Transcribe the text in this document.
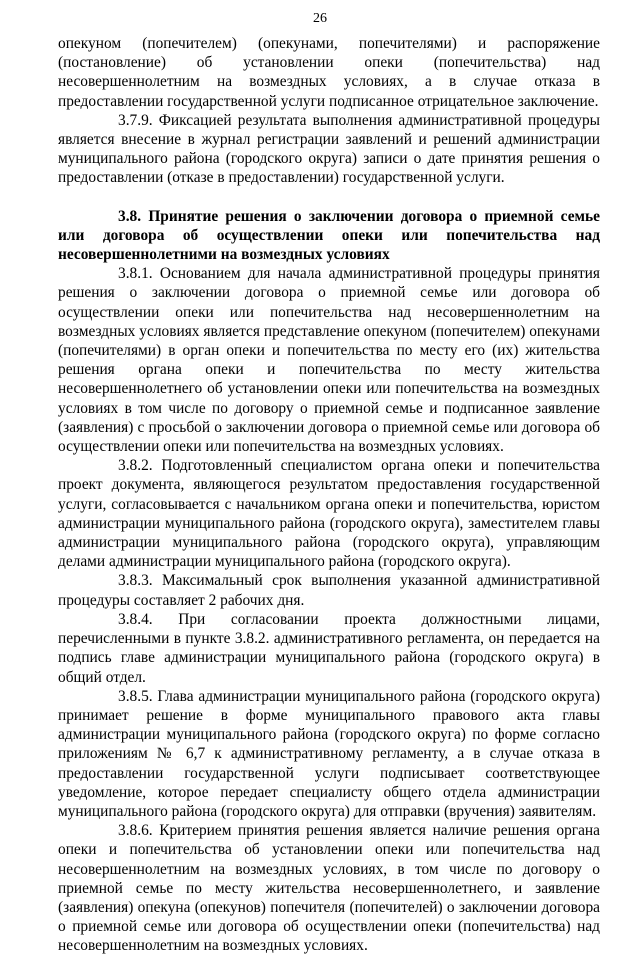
26

опекуном (попечителем) (опекунами, попечителями) и распоряжение (постановление) об установлении опеки (попечительства) над несовершеннолетним на возмездных условиях, а в случае отказа в предоставлении государственной услуги подписанное отрицательное заключение.

3.7.9. Фиксацией результата выполнения административной процедуры является внесение в журнал регистрации заявлений и решений администрации муниципального района (городского округа) записи о дате принятия решения о предоставлении (отказе в предоставлении) государственной услуги.

3.8. Принятие решения о заключении договора о приемной семье или договора об осуществлении опеки или попечительства над несовершеннолетними на возмездных условиях

3.8.1. Основанием для начала административной процедуры принятия решения о заключении договора о приемной семье или договора об осуществлении опеки или попечительства над несовершеннолетним на возмездных условиях является представление опекуном (попечителем) опекунами (попечителями) в орган опеки и попечительства по месту его (их) жительства решения органа опеки и попечительства по месту жительства несовершеннолетнего об установлении опеки или попечительства на возмездных условиях в том числе по договору о приемной семье и подписанное заявление (заявления) с просьбой о заключении договора о приемной семье или договора об осуществлении опеки или попечительства на возмездных условиях.

3.8.2. Подготовленный специалистом органа опеки и попечительства проект документа, являющегося результатом предоставления государственной услуги, согласовывается с начальником органа опеки и попечительства, юристом администрации муниципального района (городского округа), заместителем главы администрации муниципального района (городского округа), управляющим делами администрации муниципального района (городского округа).

3.8.3. Максимальный срок выполнения указанной административной процедуры составляет 2 рабочих дня.

3.8.4. При согласовании проекта должностными лицами, перечисленными в пункте 3.8.2. административного регламента, он передается на подпись главе администрации муниципального района (городского округа) в общий отдел.

3.8.5. Глава администрации муниципального района (городского округа) принимает решение в форме муниципального правового акта главы администрации муниципального района (городского округа) по форме согласно приложениям № 6,7 к административному регламенту, а в случае отказа в предоставлении государственной услуги подписывает соответствующее уведомление, которое передает специалисту общего отдела администрации муниципального района (городского округа) для отправки (вручения) заявителям.

3.8.6. Критерием принятия решения является наличие решения органа опеки и попечительства об установлении опеки или попечительства над несовершеннолетним на возмездных условиях, в том числе по договору о приемной семье по месту жительства несовершеннолетнего, и заявление (заявления) опекуна (опекунов) попечителя (попечителей) о заключении договора о приемной семье или договора об осуществлении опеки (попечительства) над несовершеннолетним на возмездных условиях.
